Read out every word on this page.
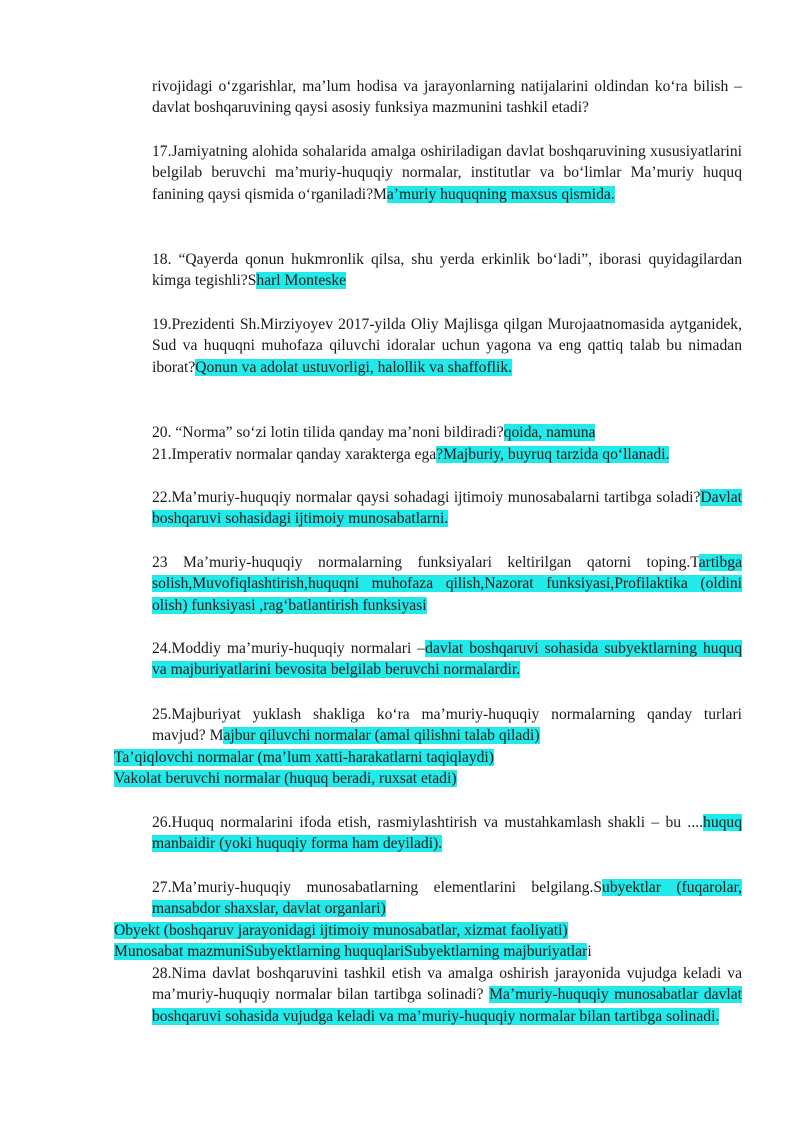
rivojidagi oʻzgarishlar, maʼlum hodisa va jarayonlarning natijalarini oldindan koʻra bilish – davlat boshqaruvining qaysi asosiy funksiya mazmunini tashkil etadi?
17.Jamiyatning alohida sohalarida amalga oshiriladigan davlat boshqaruvining xususiyatlarini belgilab beruvchi maʼmuriy-huquqiy normalar, institutlar va boʻlimlar Maʼmuriy huquq fanining qaysi qismida oʻrganiladi?Maʼmuriy huquqning maxsus qismida.
18. “Qayerda qonun hukmronlik qilsa, shu yerda erkinlik boʻladi”, iborasi quyidagilardan kimga tegishli?Sharl Monteske
19.Prezidenti Sh.Mirziyoyev 2017-yilda Oliy Majlisga qilgan Murojaatnomasida aytganidek, Sud va huquqni muhofaza qiluvchi idoralar uchun yagona va eng qattiq talab bu nimadan iborat?Qonun va adolat ustuvorligi, halollik va shaffoflik.
20. “Norma” soʻzi lotin tilida qanday maʼnoni bildiradi?qoida, namuna
21.Imperativ normalar qanday xarakterga ega?Majburiy, buyruq tarzida qoʻllanadi.
22.Maʼmuriy-huquqiy normalar qaysi sohadagi ijtimoiy munosabalarni tartibga soladi?Davlat boshqaruvi sohasidagi ijtimoiy munosabatlarni.
23 Maʼmuriy-huquqiy normalarning funksiyalari keltirilgan qatorni toping.Tartibga solish,Muvofiqlashtirish,huquqni muhofaza qilish,Nazorat funksiyasi,Profilaktika (oldini olish) funksiyasi ,ragʻbatlantirish funksiyasi
24.Moddiy maʼmuriy-huquqiy normalari –davlat boshqaruvi sohasida subyektlarning huquq va majburiyatlarini bevosita belgilab beruvchi normalardir.
25.Majburiyat yuklash shakliga koʻra maʼmuriy-huquqiy normalarning qanday turlari mavjud? Majbur qiluvchi normalar (amal qilishni talab qiladi)
Taʼqiqlovchi normalar (maʼlum xatti-harakatlarni taqiqlaydi)
Vakolat beruvchi normalar (huquq beradi, ruxsat etadi)
26.Huquq normalarini ifoda etish, rasmiylashtirish va mustahkamlash shakli – bu ....huquq manbaidir (yoki huquqiy forma ham deyiladi).
27.Maʼmuriy-huquqiy munosabatlarning elementlarini belgilang.Subyektlar (fuqarolar, mansabdor shaxslar, davlat organlari)
Obyekt (boshqaruv jarayonidagi ijtimoiy munosabatlar, xizmat faoliyati)
Munosabat mazmuniSubyektlarning huquqlariSubyektlarning majburiyatlari
28.Nima davlat boshqaruvini tashkil etish va amalga oshirish jarayonida vujudga keladi va maʼmuriy-huquqiy normalar bilan tartibga solinadi? Maʼmuriy-huquqiy munosabatlar davlat boshqaruvi sohasida vujudga keladi va maʼmuriy-huquqiy normalar bilan tartibga solinadi.
